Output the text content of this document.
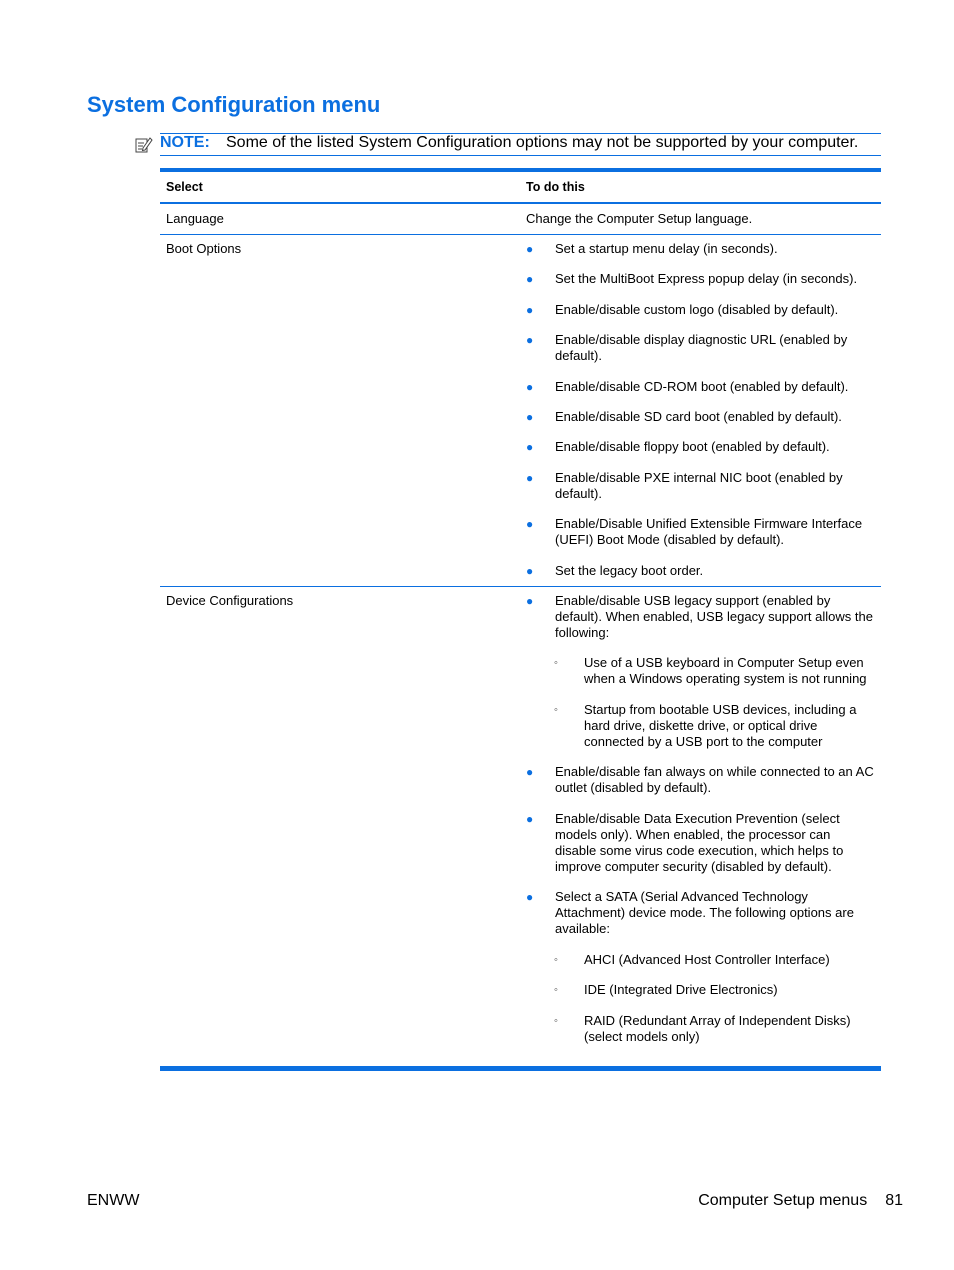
System Configuration menu
NOTE: Some of the listed System Configuration options may not be supported by your computer.
Select	To do this
Language	Change the Computer Setup language.
Boot Options	● Set a startup menu delay (in seconds).
● Set the MultiBoot Express popup delay (in seconds).
● Enable/disable custom logo (disabled by default).
● Enable/disable display diagnostic URL (enabled by default).
● Enable/disable CD-ROM boot (enabled by default).
● Enable/disable SD card boot (enabled by default).
● Enable/disable floppy boot (enabled by default).
● Enable/disable PXE internal NIC boot (enabled by default).
● Enable/Disable Unified Extensible Firmware Interface (UEFI) Boot Mode (disabled by default).
● Set the legacy boot order.
Device Configurations	● Enable/disable USB legacy support (enabled by default). When enabled, USB legacy support allows the following:
◦	Use of a USB keyboard in Computer Setup even when a Windows operating system is not running
◦	Startup from bootable USB devices, including a hard drive, diskette drive, or optical drive connected by a USB port to the computer
● Enable/disable fan always on while connected to an AC outlet (disabled by default).
● Enable/disable Data Execution Prevention (select models only). When enabled, the processor can disable some virus code execution, which helps to improve computer security (disabled by default).
● Select a SATA (Serial Advanced Technology Attachment) device mode. The following options are available:
◦	AHCI (Advanced Host Controller Interface)
◦	IDE (Integrated Drive Electronics)
◦	RAID (Redundant Array of Independent Disks) (select models only)
ENWW	Computer Setup menus 81
